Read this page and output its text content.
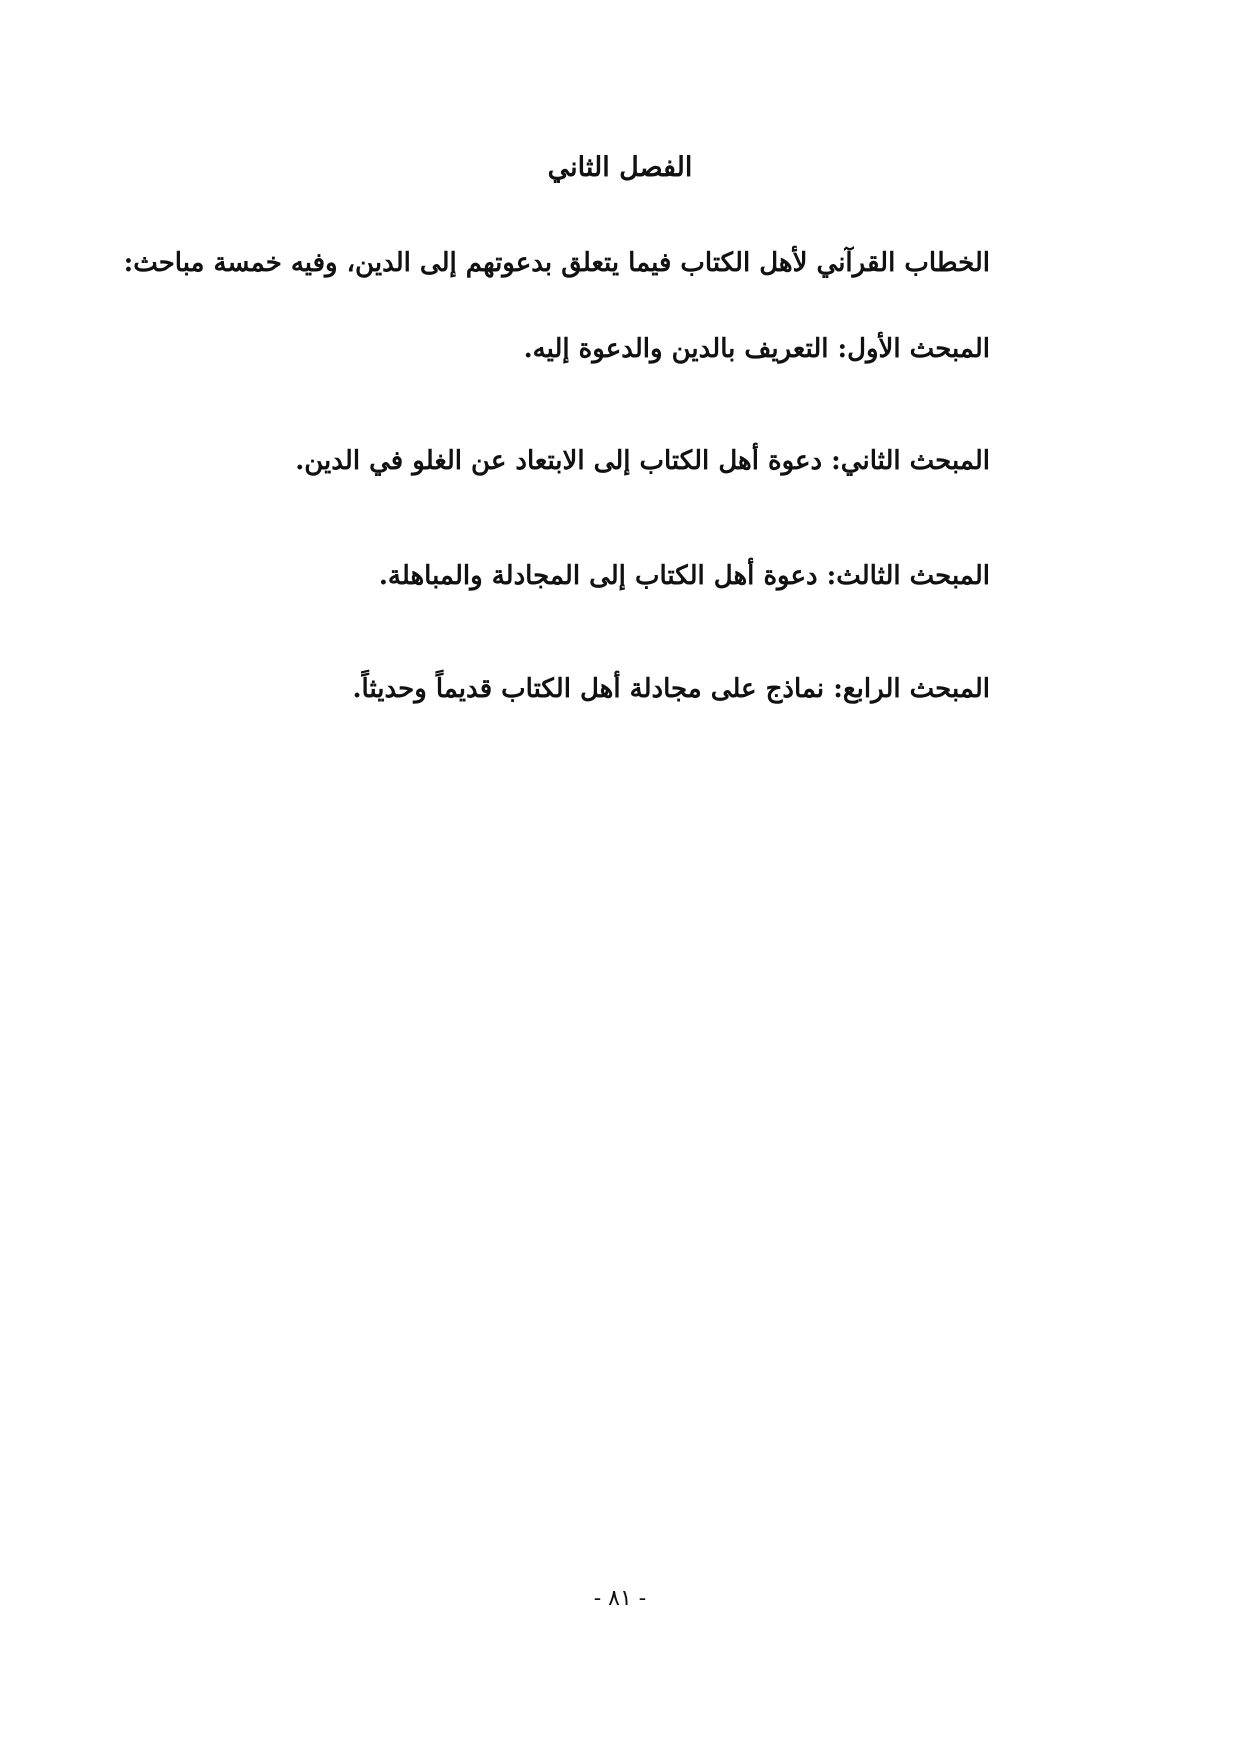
الفصل الثاني
الخطاب القرآني لأهل الكتاب فيما يتعلق بدعوتهم إلى الدين، وفيه خمسة مباحث:
المبحث الأول: التعريف بالدين والدعوة إليه.
المبحث الثاني: دعوة أهل الكتاب إلى الابتعاد عن الغلو في الدين.
المبحث الثالث: دعوة أهل الكتاب إلى المجادلة والمباهلة.
المبحث الرابع: نماذج على مجادلة أهل الكتاب قديماً وحديثاً.
- ٨١ -
